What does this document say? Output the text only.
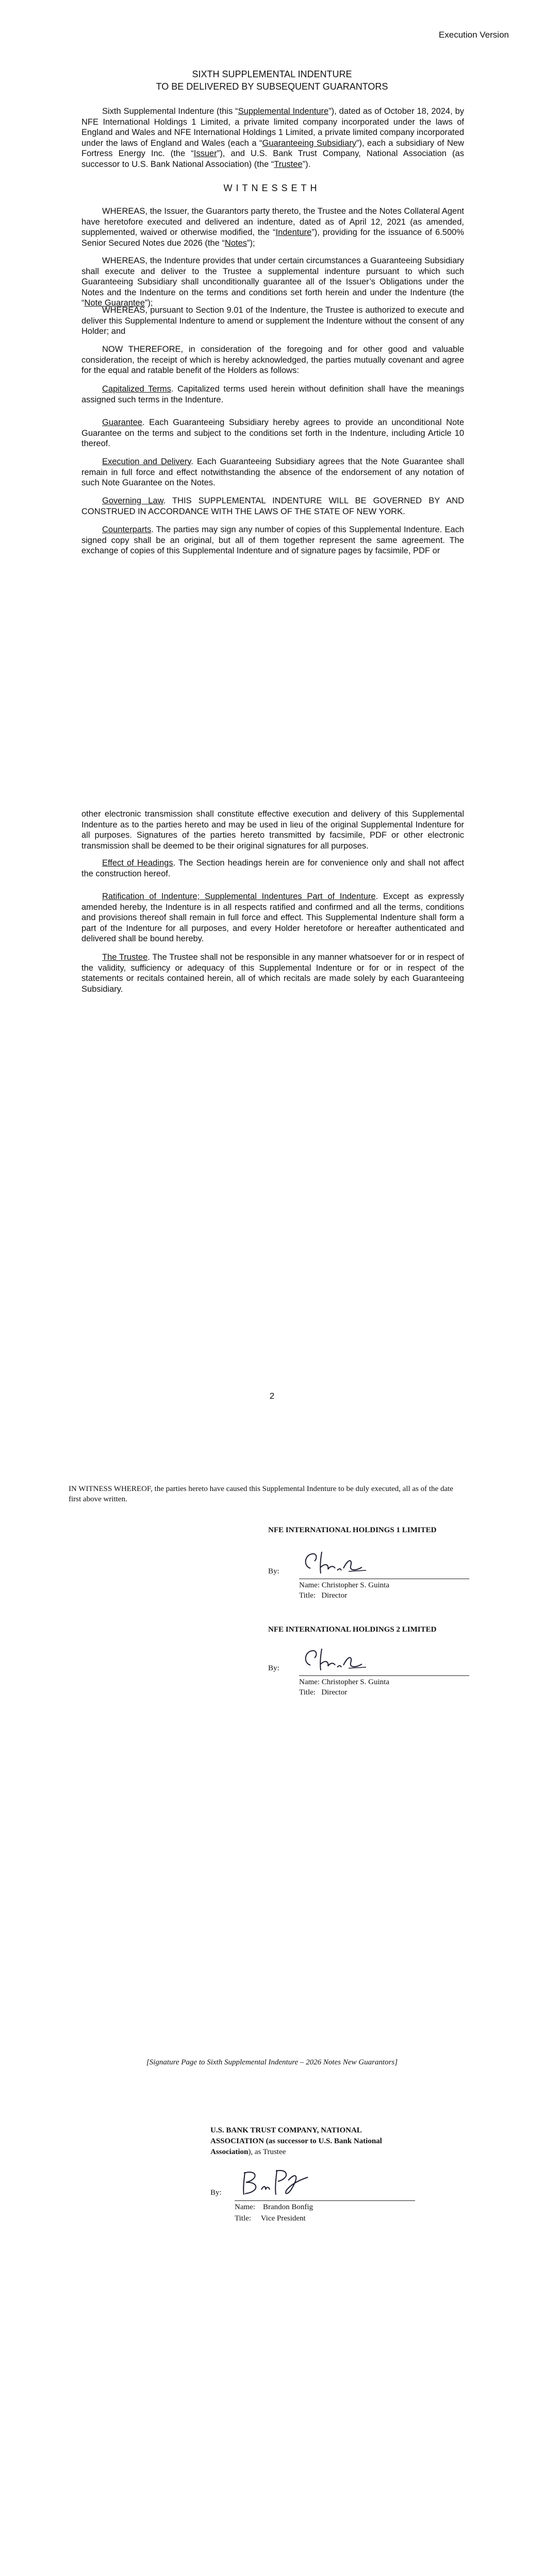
Execution Version
SIXTH SUPPLEMENTAL INDENTURE
TO BE DELIVERED BY SUBSEQUENT GUARANTORS

Sixth Supplemental Indenture (this “Supplemental Indenture”), dated as of October 18, 2024, by NFE International Holdings 1 Limited, a private limited company incorporated under the laws of England and Wales and NFE International Holdings 1 Limited, a private limited company incorporated under the laws of England and Wales (each a “Guaranteeing Subsidiary”), each a subsidiary of New Fortress Energy Inc. (the “Issuer”), and U.S. Bank Trust Company, National Association (as successor to U.S. Bank National Association) (the “Trustee”).

WITNESSETH

WHEREAS, the Issuer, the Guarantors party thereto, the Trustee and the Notes Collateral Agent have heretofore executed and delivered an indenture, dated as of April 12, 2021 (as amended, supplemented, waived or otherwise modified, the “Indenture”), providing for the issuance of 6.500% Senior Secured Notes due 2026 (the “Notes”);

WHEREAS, the Indenture provides that under certain circumstances a Guaranteeing Subsidiary shall execute and deliver to the Trustee a supplemental indenture pursuant to which such Guaranteeing Subsidiary shall unconditionally guarantee all of the Issuer’s Obligations under the Notes and the Indenture on the terms and conditions set forth herein and under the Indenture (the “Note Guarantee”);

WHEREAS, pursuant to Section 9.01 of the Indenture, the Trustee is authorized to execute and deliver this Supplemental Indenture to amend or supplement the Indenture without the consent of any Holder; and

NOW THEREFORE, in consideration of the foregoing and for other good and valuable consideration, the receipt of which is hereby acknowledged, the parties mutually covenant and agree for the equal and ratable benefit of the Holders as follows:

Capitalized Terms. Capitalized terms used herein without definition shall have the meanings assigned such terms in the Indenture.

Guarantee. Each Guaranteeing Subsidiary hereby agrees to provide an unconditional Note Guarantee on the terms and subject to the conditions set forth in the Indenture, including Article 10 thereof.

Execution and Delivery. Each Guaranteeing Subsidiary agrees that the Note Guarantee shall remain in full force and effect notwithstanding the absence of the endorsement of any notation of such Note Guarantee on the Notes.

Governing Law. THIS SUPPLEMENTAL INDENTURE WILL BE GOVERNED BY AND CONSTRUED IN ACCORDANCE WITH THE LAWS OF THE STATE OF NEW YORK.

Counterparts. The parties may sign any number of copies of this Supplemental Indenture. Each signed copy shall be an original, but all of them together represent the same agreement. The exchange of copies of this Supplemental Indenture and of signature pages by facsimile, PDF or

other electronic transmission shall constitute effective execution and delivery of this Supplemental Indenture as to the parties hereto and may be used in lieu of the original Supplemental Indenture for all purposes. Signatures of the parties hereto transmitted by facsimile, PDF or other electronic transmission shall be deemed to be their original signatures for all purposes.

Effect of Headings. The Section headings herein are for convenience only and shall not affect the construction hereof.

Ratification of Indenture; Supplemental Indentures Part of Indenture. Except as expressly amended hereby, the Indenture is in all respects ratified and confirmed and all the terms, conditions and provisions thereof shall remain in full force and effect. This Supplemental Indenture shall form a part of the Indenture for all purposes, and every Holder heretofore or hereafter authenticated and delivered shall be bound hereby.

The Trustee. The Trustee shall not be responsible in any manner whatsoever for or in respect of the validity, sufficiency or adequacy of this Supplemental Indenture or for or in respect of the statements or recitals contained herein, all of which recitals are made solely by each Guaranteeing Subsidiary.

2
IN WITNESS WHEREOF, the parties hereto have caused this Supplemental Indenture to be duly executed, all as of the date first above written.
NFE INTERNATIONAL HOLDINGS 1 LIMITED
By:
Name: Christopher S. Guinta
Title: Director
NFE INTERNATIONAL HOLDINGS 2 LIMITED
By:
Name: Christopher S. Guinta
Title: Director
[Signature Page to Sixth Supplemental Indenture – 2026 Notes New Guarantors]
U.S. BANK TRUST COMPANY, NATIONAL
ASSOCIATION (as successor to U.S. Bank National
Association), as Trustee
By:
Name: Brandon Bonfig
Title: Vice President
